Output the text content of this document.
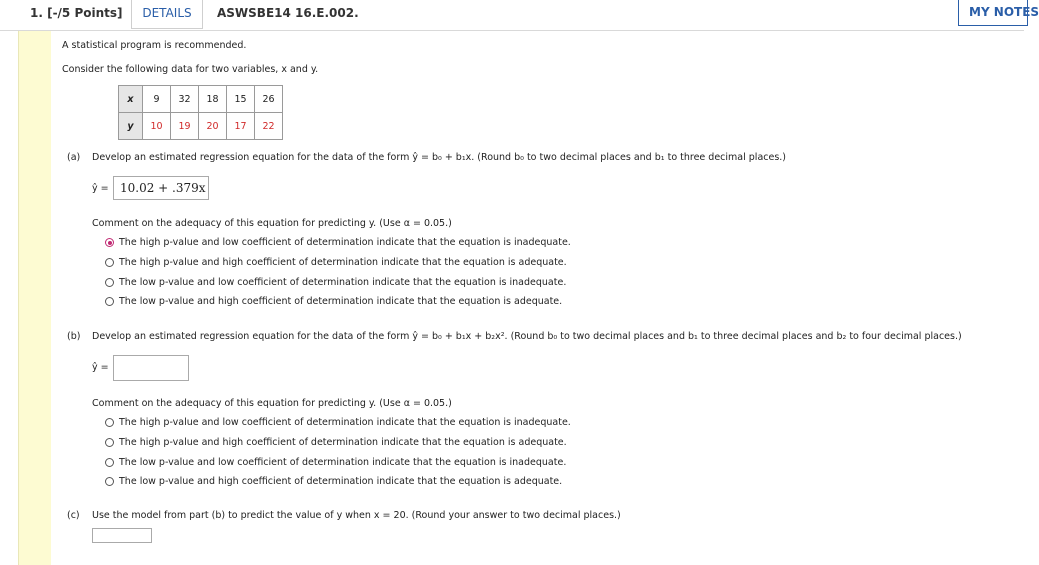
1. [-/5 Points]	DETAILS	ASWSBE14 16.E.002.	MY NOTES
A statistical program is recommended.
Consider the following data for two variables, x and y.
x	9	32	18	15	26
y	10	19	20	17	22
(a) Develop an estimated regression equation for the data of the form ŷ = b₀ + b₁x. (Round b₀ to two decimal places and b₁ to three decimal places.)
ŷ = 10.02 + .379x
Comment on the adequacy of this equation for predicting y. (Use α = 0.05.)
The high p-value and low coefficient of determination indicate that the equation is inadequate.
The high p-value and high coefficient of determination indicate that the equation is adequate.
The low p-value and low coefficient of determination indicate that the equation is inadequate.
The low p-value and high coefficient of determination indicate that the equation is adequate.
(b) Develop an estimated regression equation for the data of the form ŷ = b₀ + b₁x + b₂x². (Round b₀ to two decimal places and b₁ to three decimal places and b₂ to four decimal places.)
ŷ =
Comment on the adequacy of this equation for predicting y. (Use α = 0.05.)
The high p-value and low coefficient of determination indicate that the equation is inadequate.
The high p-value and high coefficient of determination indicate that the equation is adequate.
The low p-value and low coefficient of determination indicate that the equation is inadequate.
The low p-value and high coefficient of determination indicate that the equation is adequate.
(c) Use the model from part (b) to predict the value of y when x = 20. (Round your answer to two decimal places.)
